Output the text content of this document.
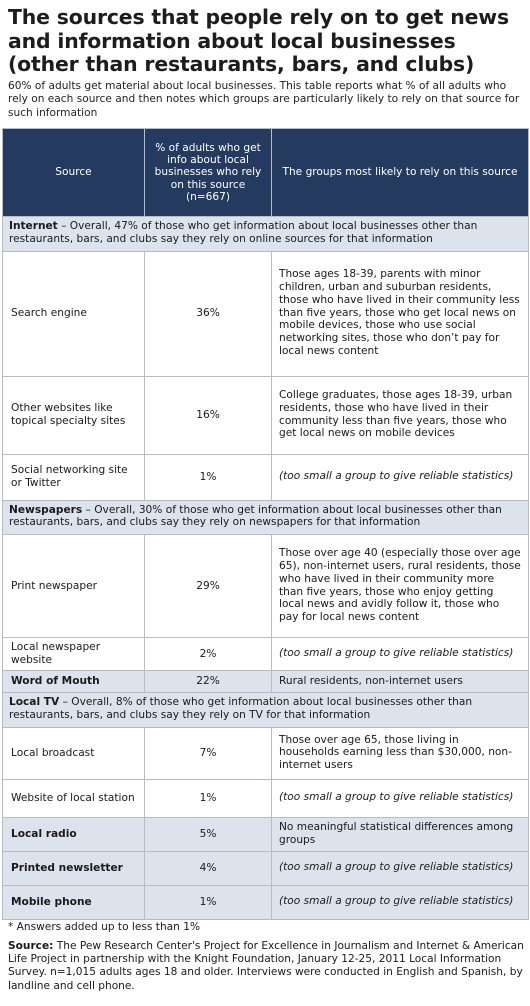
The sources that people rely on to get news and information about local businesses (other than restaurants, bars, and clubs)
60% of adults get material about local businesses. This table reports what % of all adults who rely on each source and then notes which groups are particularly likely to rely on that source for such information
Source	% of adults who get info about local businesses who rely on this source (n=667)	The groups most likely to rely on this source
Internet – Overall, 47% of those who get information about local businesses other than restaurants, bars, and clubs say they rely on online sources for that information		
Search engine	36%	Those ages 18-39, parents with minor children, urban and suburban residents, those who have lived in their community less than five years, those who get local news on mobile devices, those who use social networking sites, those who don’t pay for local news content
Other websites like topical specialty sites	16%	College graduates, those ages 18-39, urban residents, those who have lived in their community less than five years, those who get local news on mobile devices
Social networking site or Twitter	1%	(too small a group to give reliable statistics)
Newspapers – Overall, 30% of those who get information about local businesses other than restaurants, bars, and clubs say they rely on newspapers for that information		
Print newspaper	29%	Those over age 40 (especially those over age 65), non-internet users, rural residents, those who have lived in their community more than five years, those who enjoy getting local news and avidly follow it, those who pay for local news content
Local newspaper website	2%	(too small a group to give reliable statistics)
Word of Mouth	22%	Rural residents, non-internet users
Local TV – Overall, 8% of those who get information about local businesses other than restaurants, bars, and clubs say they rely on TV for that information		
Local broadcast	7%	Those over age 65, those living in households earning less than $30,000, non-internet users
Website of local station	1%	(too small a group to give reliable statistics)
Local radio	5%	No meaningful statistical differences among groups
Printed newsletter	4%	(too small a group to give reliable statistics)
Mobile phone	1%	(too small a group to give reliable statistics)
* Answers added up to less than 1%
Source: The Pew Research Center's Project for Excellence in Journalism and Internet & American Life Project in partnership with the Knight Foundation, January 12-25, 2011 Local Information Survey. n=1,015 adults ages 18 and older. Interviews were conducted in English and Spanish, by landline and cell phone.
